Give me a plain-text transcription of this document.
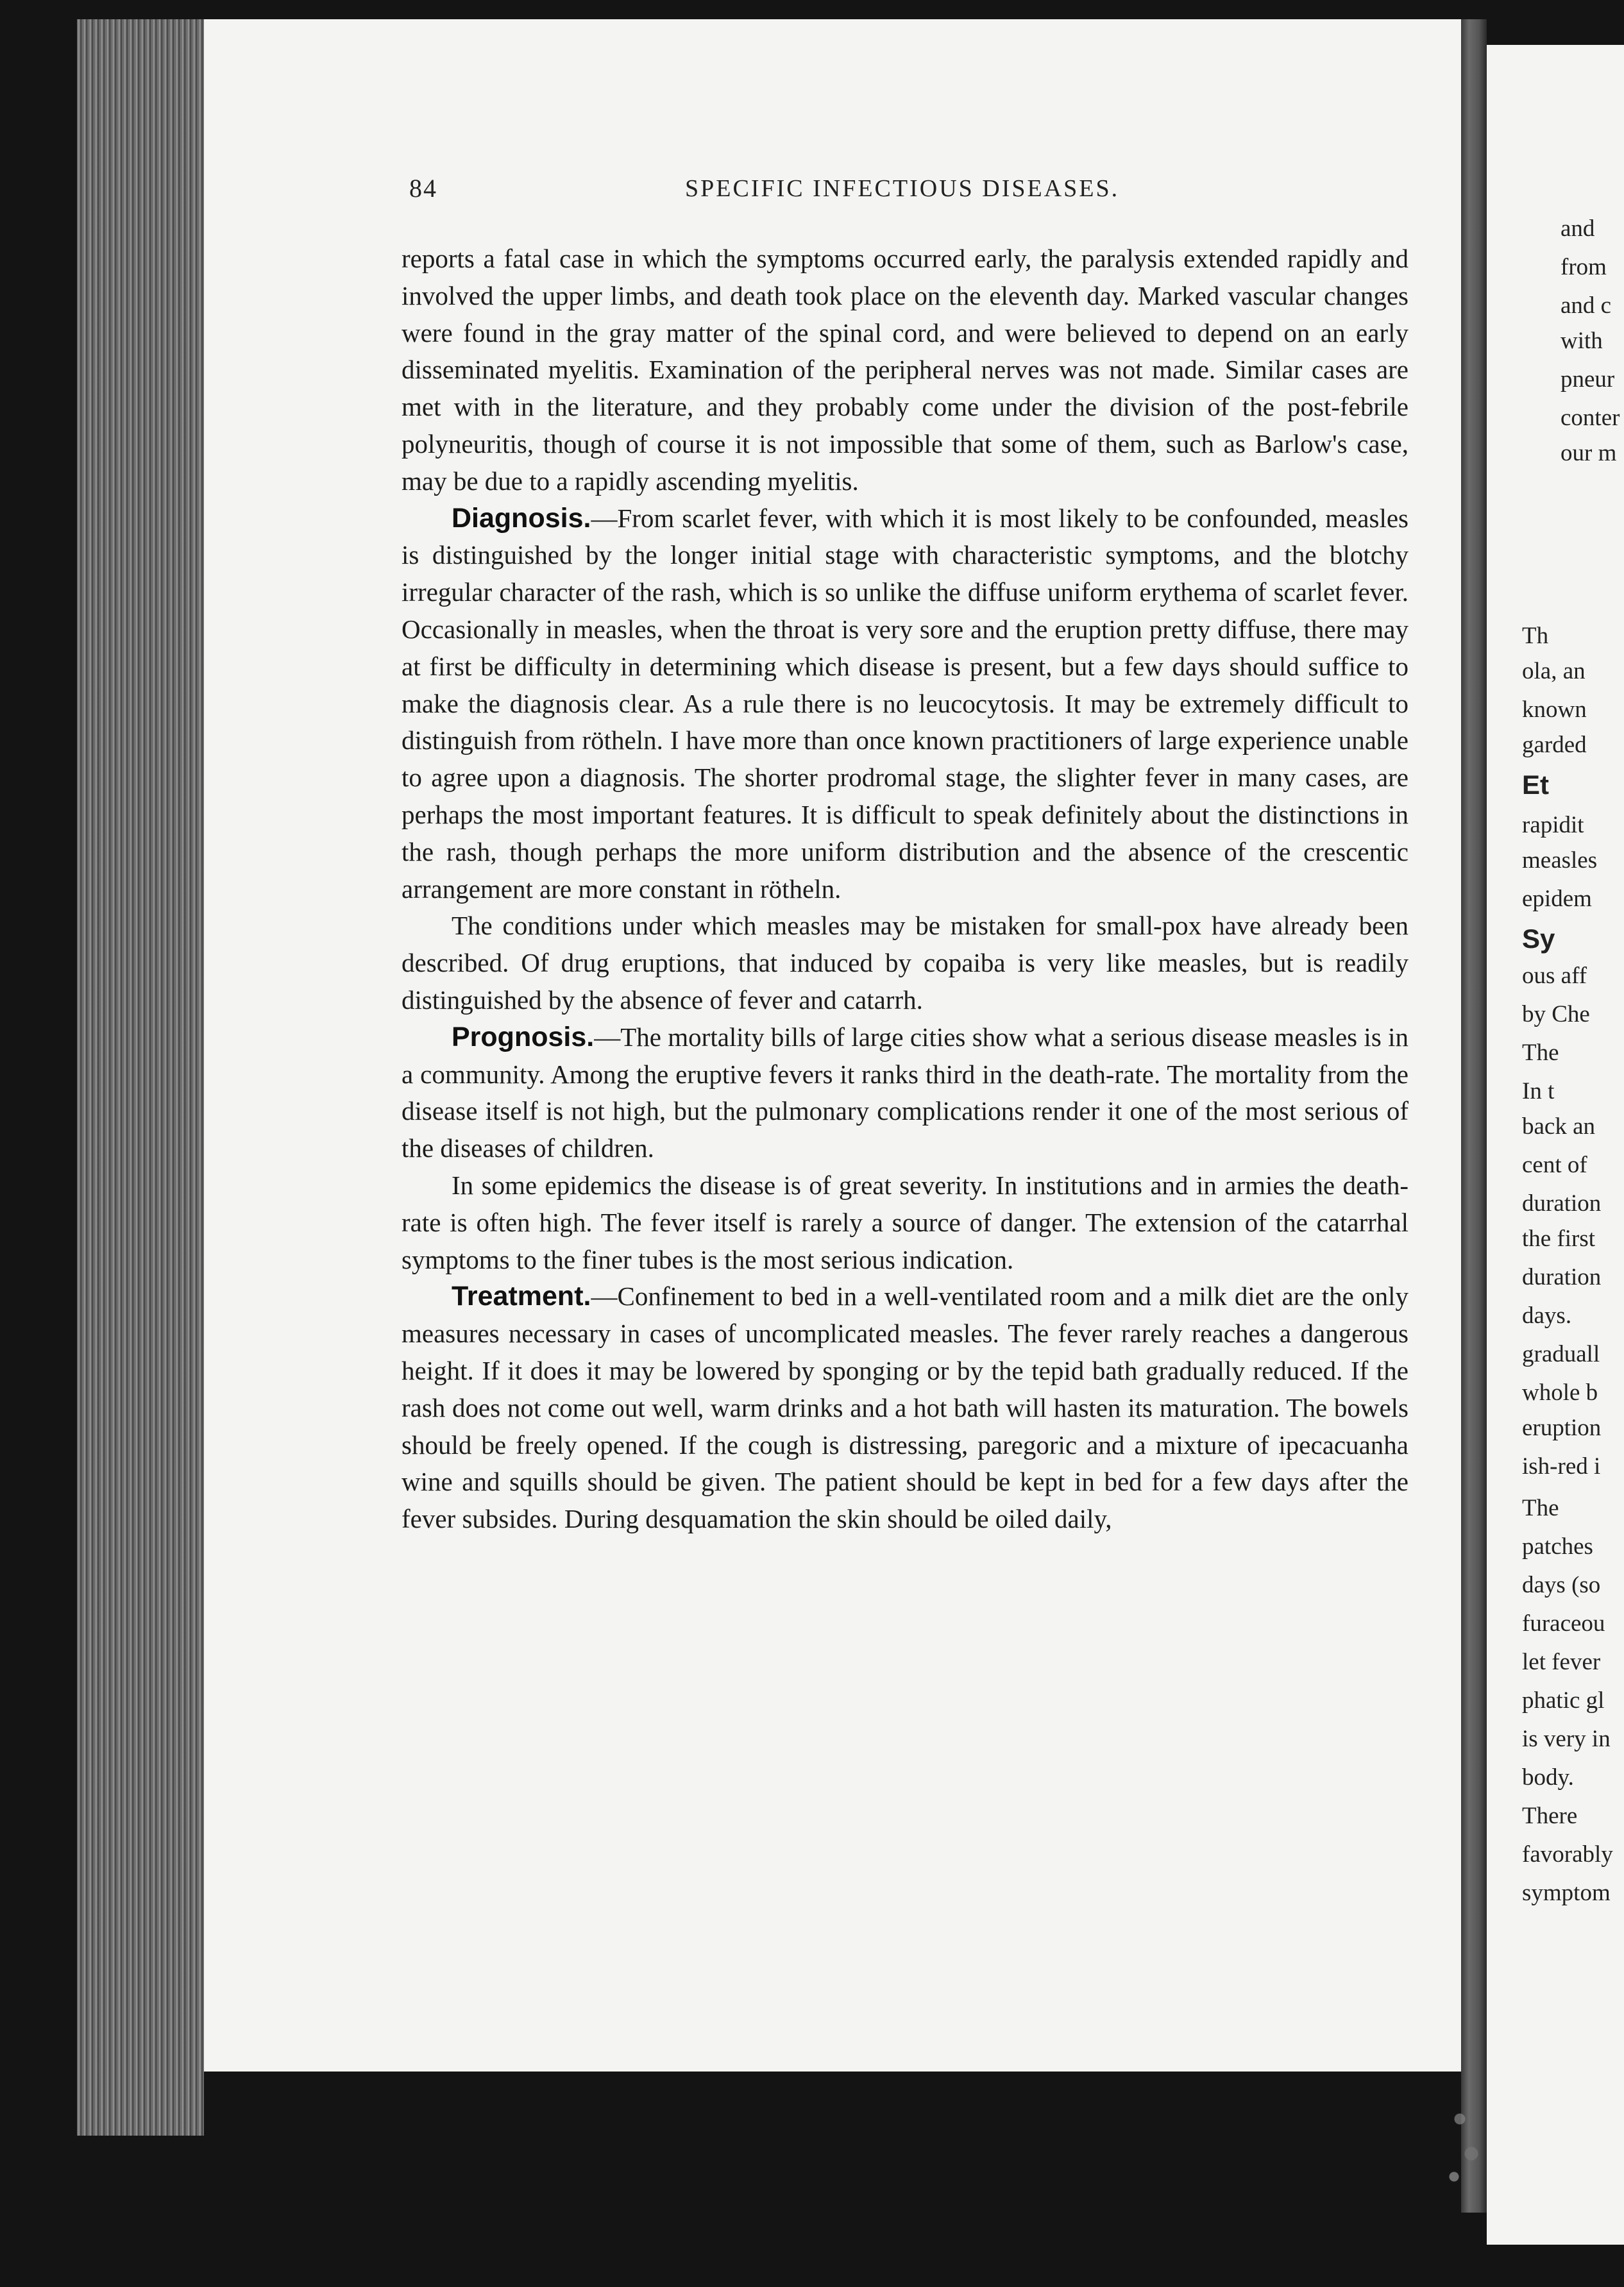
84	SPECIFIC INFECTIOUS DISEASES.

reports a fatal case in which the symptoms occurred early, the paralysis extended rapidly and involved the upper limbs, and death took place on the eleventh day. Marked vascular changes were found in the gray matter of the spinal cord, and were believed to depend on an early disseminated myelitis. Examination of the peripheral nerves was not made. Similar cases are met with in the literature, and they probably come under the division of the post-febrile polyneuritis, though of course it is not impossible that some of them, such as Barlow's case, may be due to a rapidly ascending myelitis.

Diagnosis.—From scarlet fever, with which it is most likely to be confounded, measles is distinguished by the longer initial stage with characteristic symptoms, and the blotchy irregular character of the rash, which is so unlike the diffuse uniform erythema of scarlet fever. Occasionally in measles, when the throat is very sore and the eruption pretty diffuse, there may at first be difficulty in determining which disease is present, but a few days should suffice to make the diagnosis clear. As a rule there is no leucocytosis. It may be extremely difficult to distinguish from rötheln. I have more than once known practitioners of large experience unable to agree upon a diagnosis. The shorter prodromal stage, the slighter fever in many cases, are perhaps the most important features. It is difficult to speak definitely about the distinctions in the rash, though perhaps the more uniform distribution and the absence of the crescentic arrangement are more constant in rötheln.

The conditions under which measles may be mistaken for small-pox have already been described. Of drug eruptions, that induced by copaiba is very like measles, but is readily distinguished by the absence of fever and catarrh.

Prognosis.—The mortality bills of large cities show what a serious disease measles is in a community. Among the eruptive fevers it ranks third in the death-rate. The mortality from the disease itself is not high, but the pulmonary complications render it one of the most serious of the diseases of children.

In some epidemics the disease is of great severity. In institutions and in armies the death-rate is often high. The fever itself is rarely a source of danger. The extension of the catarrhal symptoms to the finer tubes is the most serious indication.

Treatment.—Confinement to bed in a well-ventilated room and a milk diet are the only measures necessary in cases of uncomplicated measles. The fever rarely reaches a dangerous height. If it does it may be lowered by sponging or by the tepid bath gradually reduced. If the rash does not come out well, warm drinks and a hot bath will hasten its maturation. The bowels should be freely opened. If the cough is distressing, paregoric and a mixture of ipecacuanha wine and squills should be given. The patient should be kept in bed for a few days after the fever subsides. During desquamation the skin should be oiled daily,

and
from
and c
with
pneur
conter
our m
Th
ola, an
known
garded
Et
rapidit
measles
epidem
Sy
ous aff
by Che
The
In t
back an
cent of
duration
the first
duration
days.
graduall
whole b
eruption
ish-red i
The
patches
days (so
furaceou
let fever
phatic gl
is very in
body.
There
favorably
symptom
